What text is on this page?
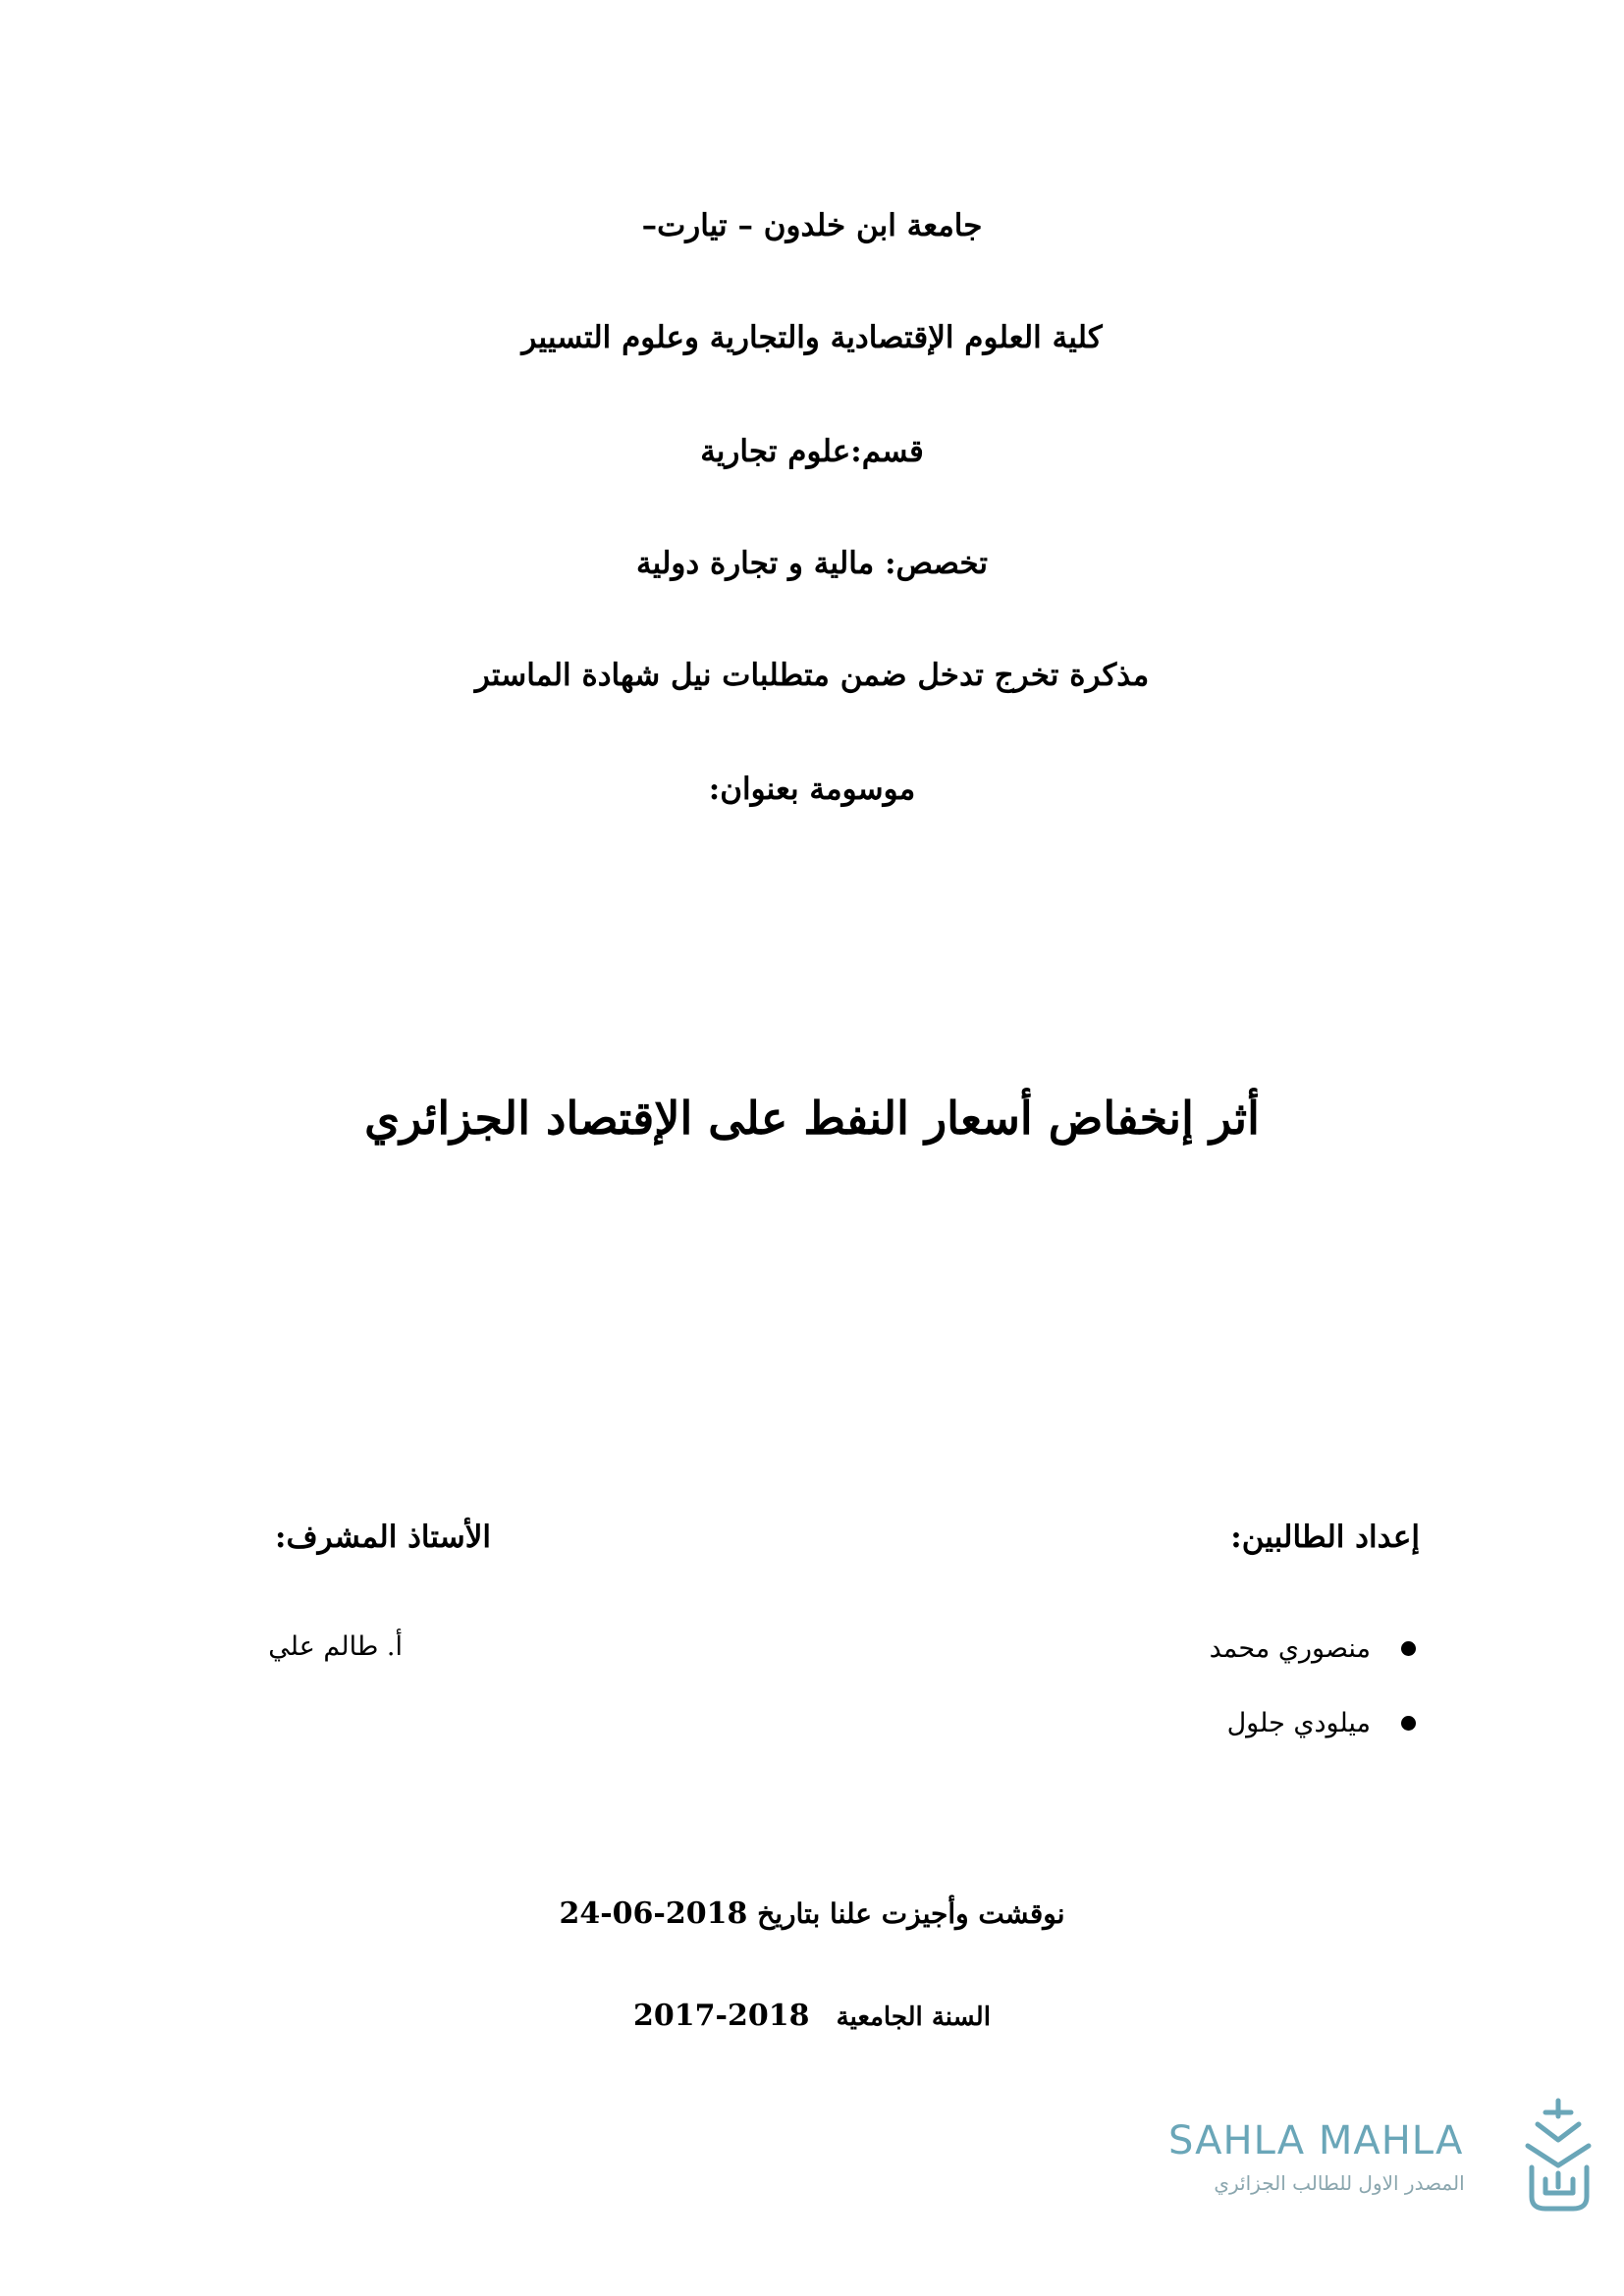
جامعة ابن خلدون – تيارت–
كلية العلوم الإقتصادية والتجارية وعلوم التسيير
قسم:علوم تجارية
تخصص: مالية و تجارة دولية
مذكرة تخرج تدخل ضمن متطلبات نيل شهادة الماستر
موسومة بعنوان:
أثر إنخفاض أسعار النفط على الإقتصاد الجزائري
إعداد الطالبين:
الأستاذ المشرف:
منصوري محمد
ميلودي جلول
أ. طالم علي
نوقشت وأجيزت علنا بتاريخ 24-06-2018
السنة الجامعية   2017-2018
SAHLA MAHLA
المصدر الاول للطالب الجزائري
